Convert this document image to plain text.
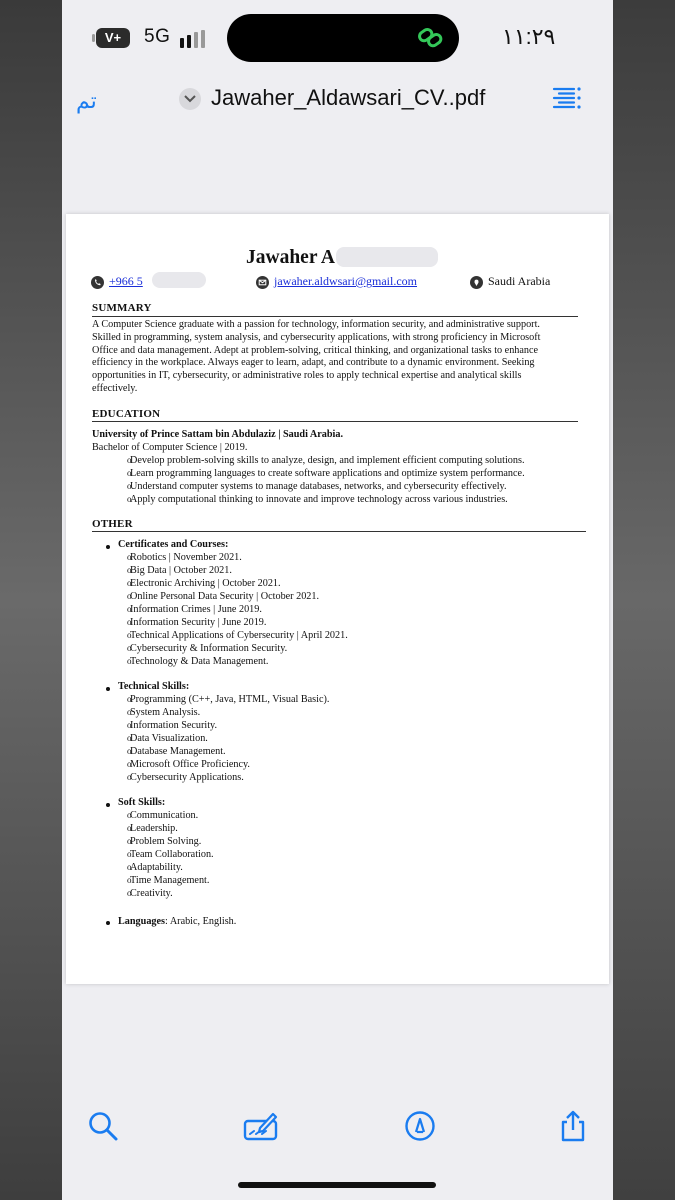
V+	5G	١١:٢٩
تم	Jawaher_Aldawsari_CV..pdf
Jawaher A
+966 5	jawaher.aldwsari@gmail.com	Saudi Arabia
SUMMARY
A Computer Science graduate with a passion for technology, information security, and administrative support.
Skilled in programming, system analysis, and cybersecurity applications, with strong proficiency in Microsoft
Office and data management. Adept at problem-solving, critical thinking, and organizational tasks to enhance
efficiency in the workplace. Always eager to learn, adapt, and contribute to a dynamic environment. Seeking
opportunities in IT, cybersecurity, or administrative roles to apply technical expertise and analytical skills
effectively.
EDUCATION
University of Prince Sattam bin Abdulaziz | Saudi Arabia.
Bachelor of Computer Science | 2019.
o Develop problem-solving skills to analyze, design, and implement efficient computing solutions.
o Learn programming languages to create software applications and optimize system performance.
o Understand computer systems to manage databases, networks, and cybersecurity effectively.
o Apply computational thinking to innovate and improve technology across various industries.
OTHER
Certificates and Courses:
o Robotics | November 2021.
o Big Data | October 2021.
o Electronic Archiving | October 2021.
o Online Personal Data Security | October 2021.
o Information Crimes | June 2019.
o Information Security | June 2019.
o Technical Applications of Cybersecurity | April 2021.
o Cybersecurity & Information Security.
o Technology & Data Management.
Technical Skills:
o Programming (C++, Java, HTML, Visual Basic).
o System Analysis.
o Information Security.
o Data Visualization.
o Database Management.
o Microsoft Office Proficiency.
o Cybersecurity Applications.
Soft Skills:
o Communication.
o Leadership.
o Problem Solving.
o Team Collaboration.
o Adaptability.
o Time Management.
o Creativity.
Languages: Arabic, English.
